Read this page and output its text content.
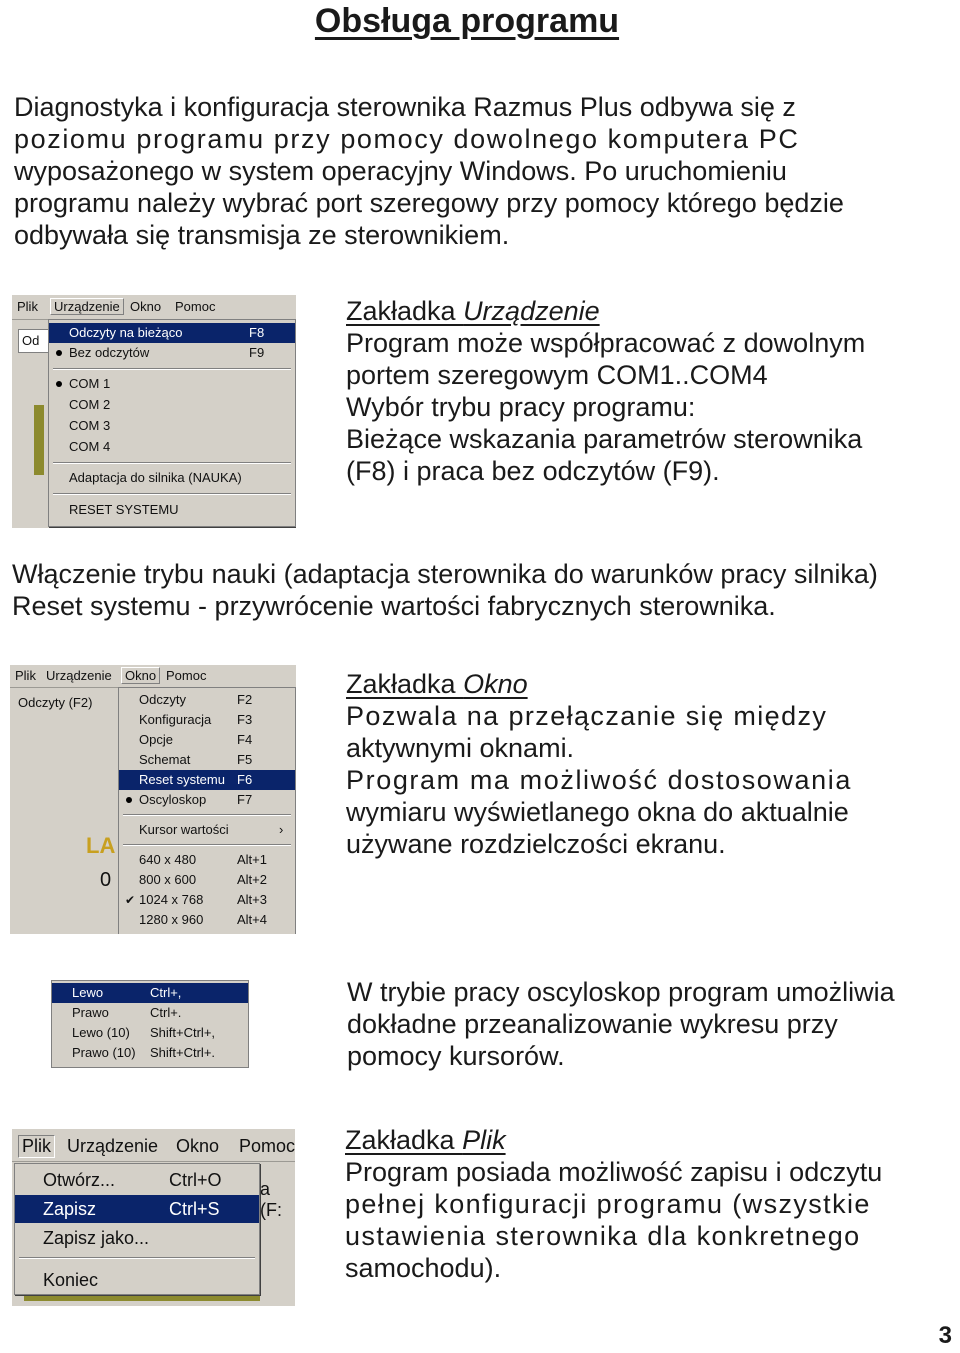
Obsługa programu
Diagnostyka i konfiguracja sterownika Razmus Plus odbywa się z
poziomu programu przy pomocy dowolnego komputera PC
wyposażonego w system operacyjny Windows. Po uruchomieniu
programu należy wybrać port szeregowy przy pomocy którego będzie
odbywała się transmisja ze sterownikiem.
Plik	Urządzenie Okno Pomoc
Od
Odczyty na bieżąco	F8
Bez odczytów	F9
COM 1
COM 2
COM 3
COM 4
Adaptacja do silnika (NAUKA)
RESET SYSTEMU
Zakładka Urządzenie
Program może współpracować z dowolnym
portem szeregowym COM1..COM4
Wybór trybu pracy programu:
Bieżące wskazania parametrów sterownika
(F8) i praca bez odczytów (F9).
Włączenie trybu nauki (adaptacja sterownika do warunków pracy silnika)
Reset systemu - przywrócenie wartości fabrycznych sterownika.
Plik Urządzenie	Okno Pomoc
Odczyty (F2)
LA
0
Odczyty	F2
Konfiguracja F3
Opcje	F4
Schemat	F5
Reset systemu F6
Oscyloskop F7
Kursor wartości	›
640 x 480	Alt+1
800 x 600	Alt+2
✔ 1024 x 768	Alt+3
1280 x 960	Alt+4
Zakładka Okno
Pozwala na przełączanie się między
aktywnymi oknami.
Program ma możliwość dostosowania
wymiaru wyświetlanego okna do aktualnie
używane rozdzielczości ekranu.
Lewo	Ctrl+,
Prawo	Ctrl+.
Lewo (10) Shift+Ctrl+,
Prawo (10) Shift+Ctrl+.
W trybie pracy oscyloskop program umożliwia
dokładne przeanalizowanie wykresu przy
pomocy kursorów.
Plik Urządzenie Okno Pomoc
a (F:
Otwórz...	Ctrl+O
Zapisz	Ctrl+S
Zapisz jako...
Koniec
Zakładka Plik
Program posiada możliwość zapisu i odczytu
pełnej konfiguracji programu (wszystkie
ustawienia sterownika dla konkretnego
samochodu).
3
